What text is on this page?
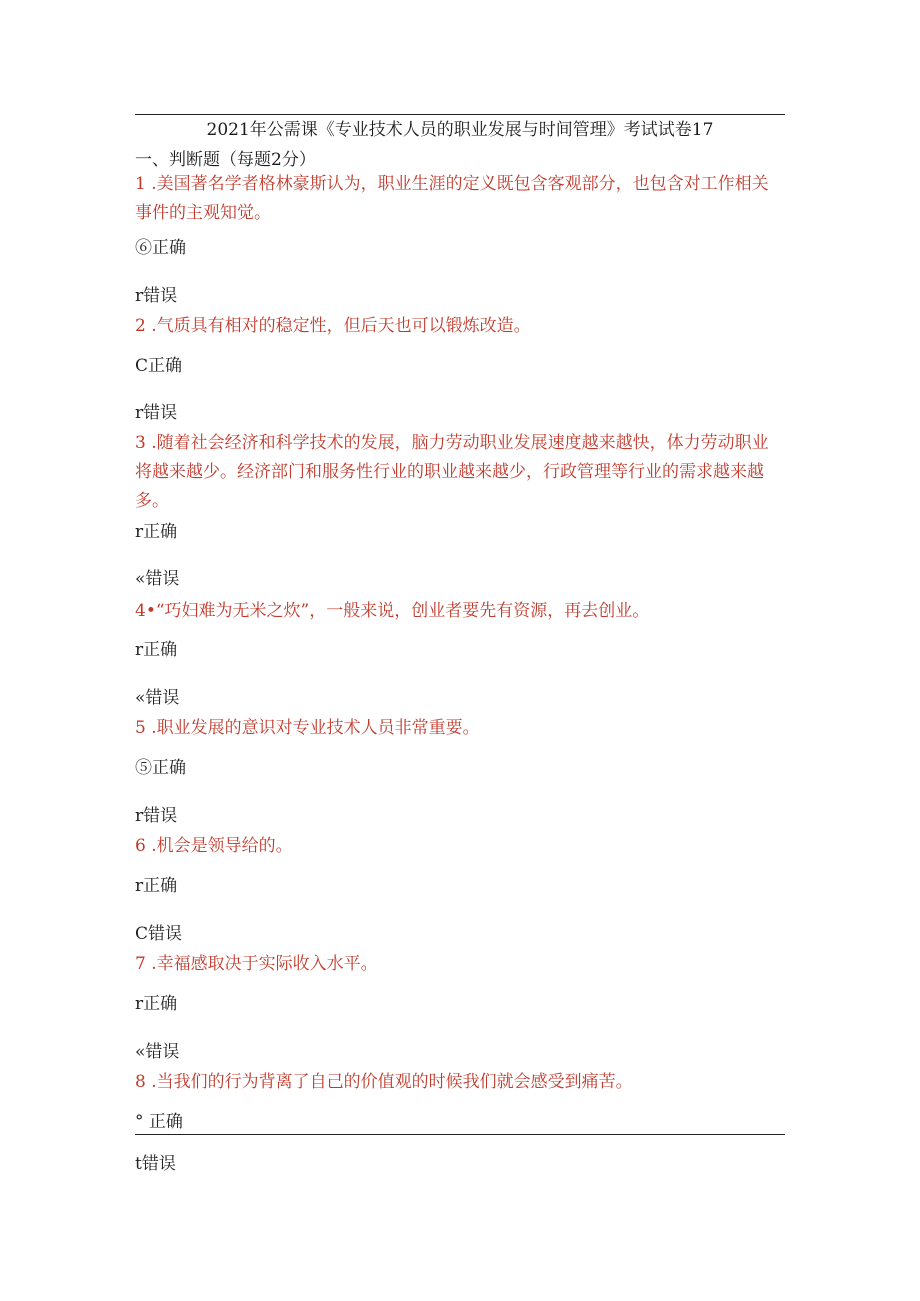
2021年公需课《专业技术人员的职业发展与时间管理》考试试卷17
一、判断题（每题2分）
1 .美国著名学者格林豪斯认为，职业生涯的定义既包含客观部分，也包含对工作相关事件的主观知觉。
⑥正确
r错误
2 .气质具有相对的稳定性，但后天也可以锻炼改造。
C正确
r错误
3 .随着社会经济和科学技术的发展，脑力劳动职业发展速度越来越快，体力劳动职业将越来越少。经济部门和服务性行业的职业越来越少，行政管理等行业的需求越来越多。
r正确
«错误
4•“巧妇难为无米之炊”，一般来说，创业者要先有资源，再去创业。
r正确
«错误
5 .职业发展的意识对专业技术人员非常重要。
⑤正确
r错误
6 .机会是领导给的。
r正确
C错误
7 .幸福感取决于实际收入水平。
r正确
«错误
8 .当我们的行为背离了自己的价值观的时候我们就会感受到痛苦。
° 正确
t错误
